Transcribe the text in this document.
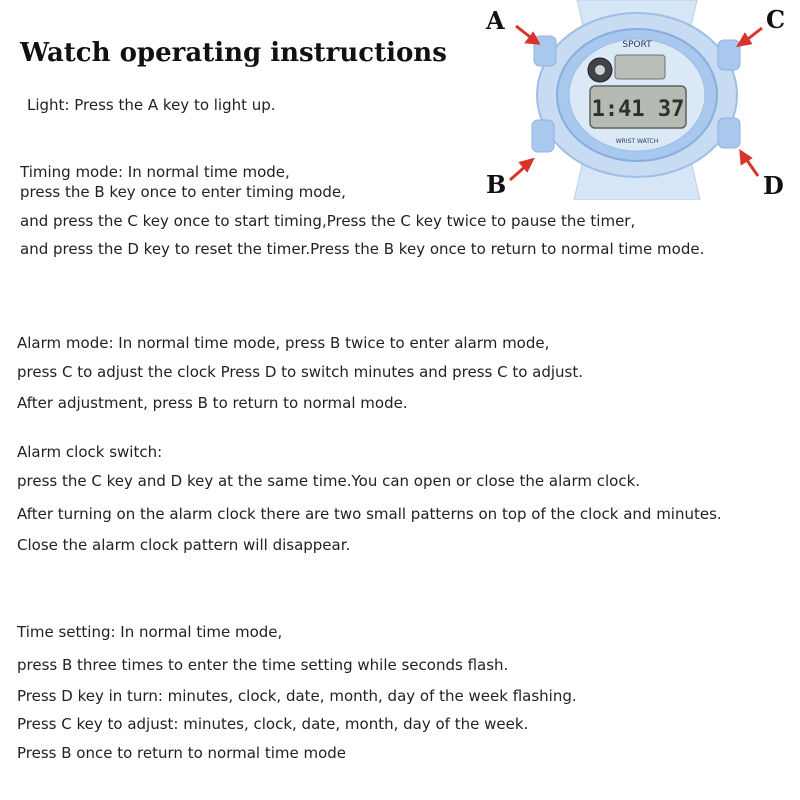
Watch operating instructions
Light: Press the A key to light up.
Timing mode: In normal time mode,
press the B key once to enter timing mode,
and press the C key once to start timing,Press the C key twice to pause the timer,
and press the D key to reset the timer.Press the B key once to return to normal time mode.
Alarm mode: In normal time mode, press B twice to enter alarm mode,
press C to adjust the clock Press D to switch minutes and press C to adjust.
After adjustment, press B to return to normal mode.
Alarm clock switch:
press the C key and D key at the same time.You can open or close the alarm clock.
After turning on the alarm clock there are two small patterns on top of the clock and minutes.
Close the alarm clock pattern will disappear.
Time setting: In normal time mode,
press B three times to enter the time setting while seconds flash.
Press D key in turn: minutes, clock, date, month, day of the week flashing.
Press C key to adjust: minutes, clock, date, month, day of the week.
Press B once to return to normal time mode
A	C
B	D
SPORT
1:41 37
WRIST WATCH
